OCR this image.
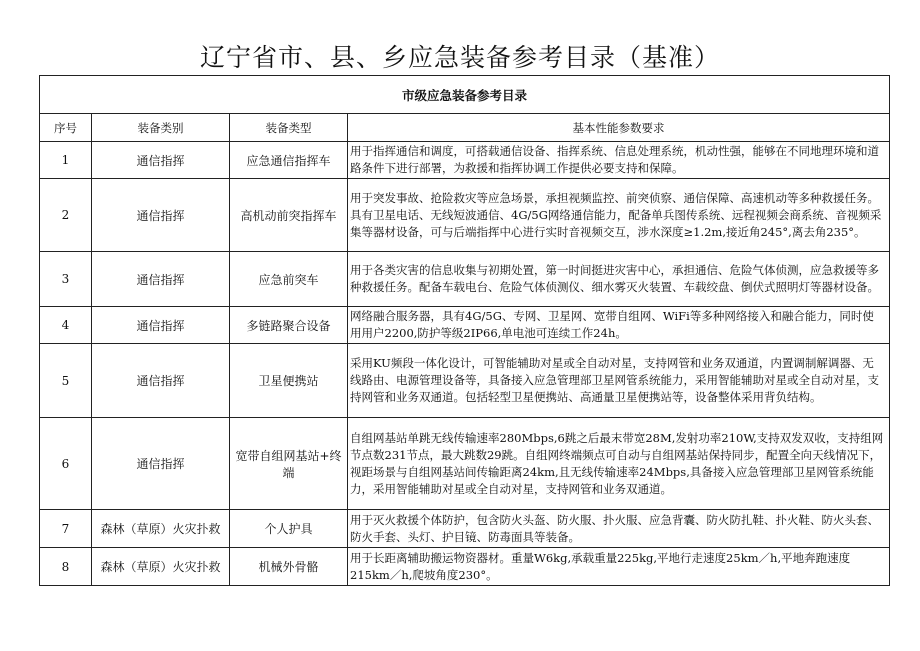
辽宁省市、县、乡应急装备参考目录（基准）
市级应急装备参考目录			
序号	装备类别	装备类型	基本性能参数要求
1	通信指挥	应急通信指挥车	用于指挥通信和调度，可搭载通信设备、指挥系统、信息处理系统，机动性强，能够在不同地理环境和道路条件下进行部署，为救援和指挥协调工作提供必要支持和保障。

2	通信指挥	高机动前突指挥车	用于突发事故、抢险救灾等应急场景，承担视频监控、前突侦察、通信保障、高速机动等多种救援任务。具有卫星电话、无线短波通信、4G/5G网络通信能力，配备单兵图传系统、远程视频会商系统、音视频采集等器材设备，可与后端指挥中心进行实时音视频交互，涉水深度≥1.2m,接近角245°,离去角235°。

3	通信指挥	应急前突车	用于各类灾害的信息收集与初期处置，第一时间挺进灾害中心，承担通信、危险气体侦测，应急救援等多种救援任务。配备车载电台、危险气体侦测仪、细水雾灭火装置、车载绞盘、倒伏式照明灯等器材设备。

4	通信指挥	多链路聚合设备	网络融合服务器，具有4G/5G、专网、卫星网、宽带自组网、WiFi等多种网络接入和融合能力，同时使用用户2200,防护等级2IP66,单电池可连续工作24h。

5	通信指挥	卫星便携站	采用KU频段一体化设计，可智能辅助对星或全自动对星，支持网管和业务双通道，内置调制解调器、无线路由、电源管理设备等，具备接入应急管理部卫星网管系统能力，采用智能辅助对星或全自动对星，支持网管和业务双通道。包括轻型卫星便携站、高通量卫星便携站等，设备整体采用背负结构。

6	通信指挥	宽带自组网基站+终端	自组网基站单跳无线传输速率280Mbps,6跳之后最末带宽28M,发射功率210W,支持双发双收，支持组网节点数231节点，最大跳数29跳。自组网终端频点可自动与自组网基站保持同步，配置全向天线情况下，视距场景与自组网基站间传输距离24km,且无线传输速率24Mbps,具备接入应急管理部卫星网管系统能力，采用智能辅助对星或全自动对星，支持网管和业务双通道。

7	森林（草原）火灾扑救	个人护具	用于灭火救援个体防护，包含防火头盔、防火服、扑火服、应急背囊、防火防扎鞋、扑火鞋、防火头套、防火手套、头灯、护目镜、防毒面具等装备。

8	森林（草原）火灾扑救	机械外骨骼	用于长距离辅助搬运物资器材。重量W6kg,承载重量225kg,平地行走速度25km／h,平地奔跑速度215km／h,爬坡角度230°。
